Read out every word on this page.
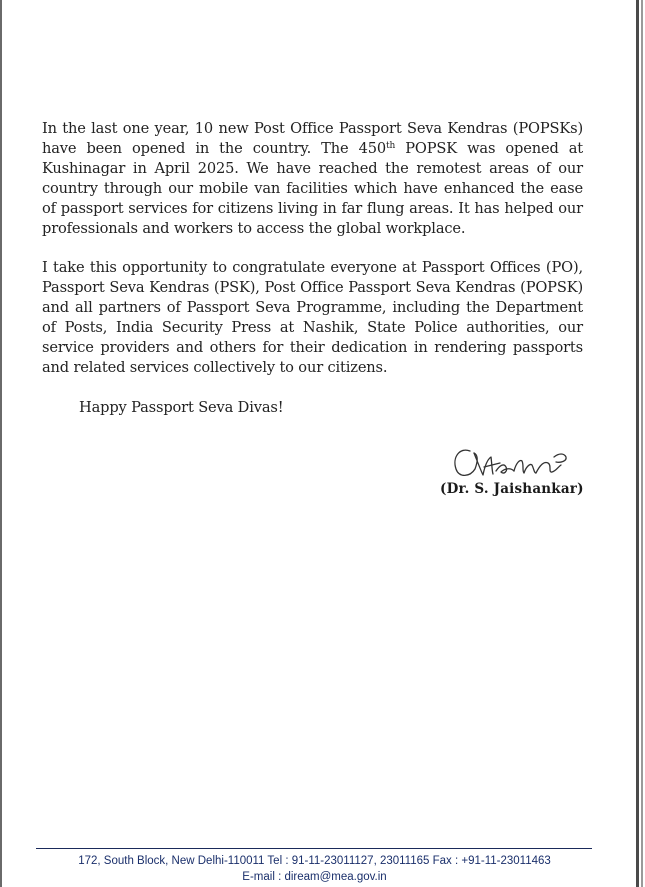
In the last one year, 10 new Post Office Passport Seva Kendras (POPSKs) have been opened in the country. The 450th POPSK was opened at Kushinagar in April 2025. We have reached the remotest areas of our country through our mobile van facilities which have enhanced the ease of passport services for citizens living in far flung areas. It has helped our professionals and workers to access the global workplace.

I take this opportunity to congratulate everyone at Passport Offices (PO), Passport Seva Kendras (PSK), Post Office Passport Seva Kendras (POPSK) and all partners of Passport Seva Programme, including the Department of Posts, India Security Press at Nashik, State Police authorities, our service providers and others for their dedication in rendering passports and related services collectively to our citizens.

Happy Passport Seva Divas!
(Dr. S. Jaishankar)
172, South Block, New Delhi-110011 Tel : 91-11-23011127, 23011165 Fax : +91-11-23011463
E-mail : diream@mea.gov.in
